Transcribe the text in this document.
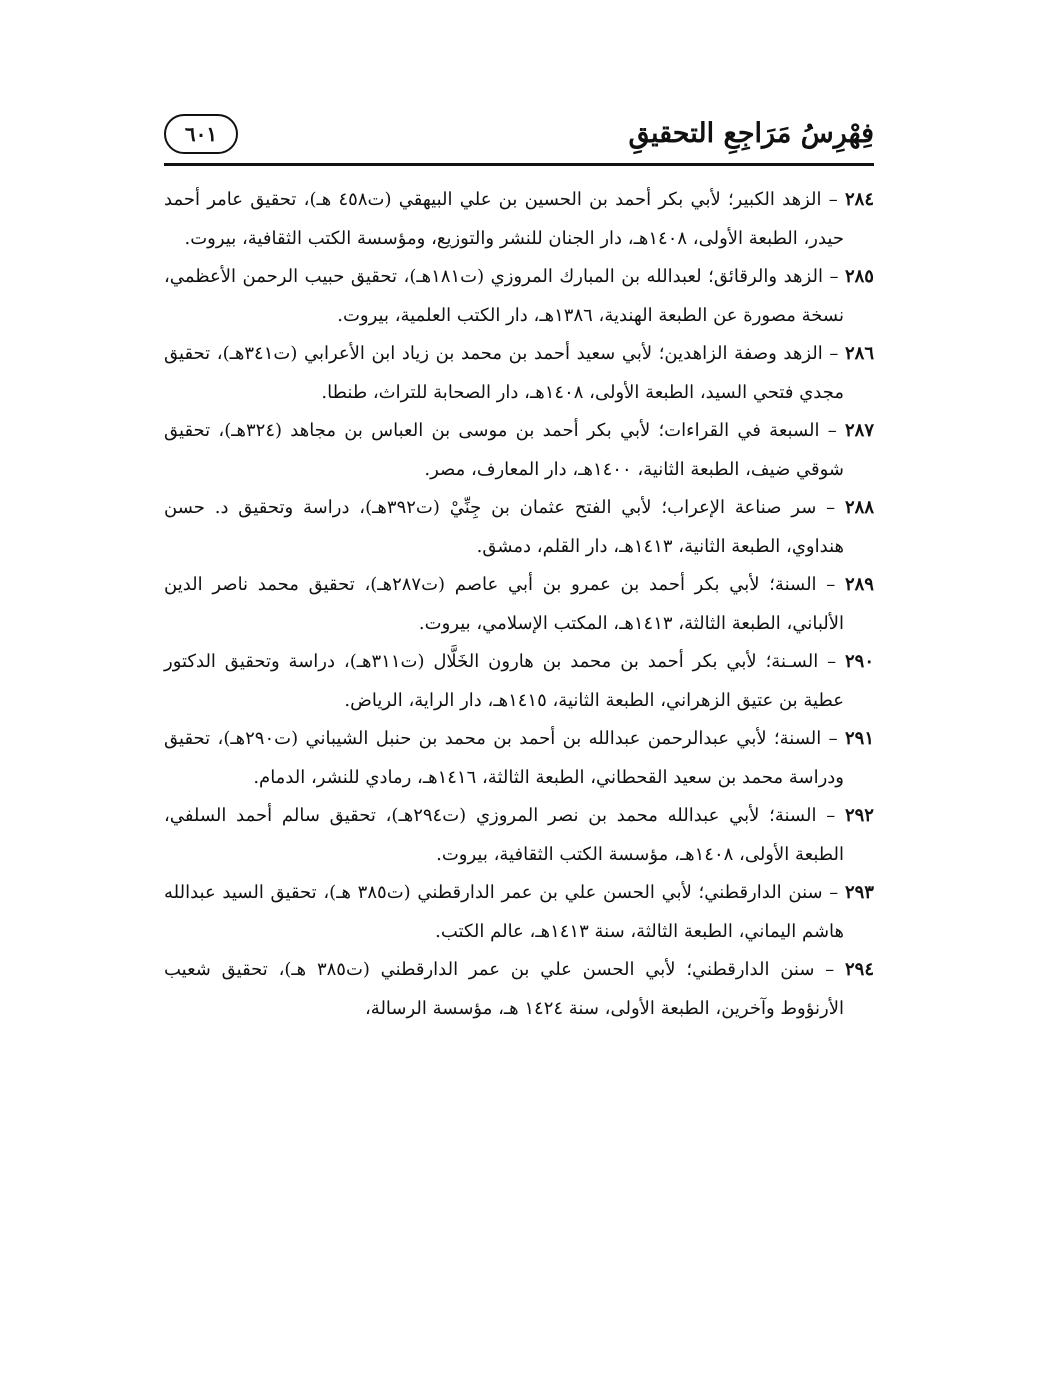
فِهْرِسُ مَرَاجِعِ التحقيقِ
٦٠١
٢٨٤ – الزهد الكبير؛ لأبي بكر أحمد بن الحسين بن علي البيهقي (ت٤٥٨ هـ)، تحقيق عامر أحمد حيدر، الطبعة الأولى، ١٤٠٨هـ، دار الجنان للنشر والتوزيع، ومؤسسة الكتب الثقافية، بيروت.
٢٨٥ – الزهد والرقائق؛ لعبدالله بن المبارك المروزي (ت١٨١هـ)، تحقيق حبيب الرحمن الأعظمي، نسخة مصورة عن الطبعة الهندية، ١٣٨٦هـ، دار الكتب العلمية، بيروت.
٢٨٦ – الزهد وصفة الزاهدين؛ لأبي سعيد أحمد بن محمد بن زياد ابن الأعرابي (ت٣٤١هـ)، تحقيق مجدي فتحي السيد، الطبعة الأولى، ١٤٠٨هـ، دار الصحابة للتراث، طنطا.
٢٨٧ – السبعة في القراءات؛ لأبي بكر أحمد بن موسى بن العباس بن مجاهد (٣٢٤هـ)، تحقيق شوقي ضيف، الطبعة الثانية، ١٤٠٠هـ، دار المعارف، مصر.
٢٨٨ – سر صناعة الإعراب؛ لأبي الفتح عثمان بن جِنِّيْ (ت٣٩٢هـ)، دراسة وتحقيق د. حسن هنداوي، الطبعة الثانية، ١٤١٣هـ، دار القلم، دمشق.
٢٨٩ – السنة؛ لأبي بكر أحمد بن عمرو بن أبي عاصم (ت٢٨٧هـ)، تحقيق محمد ناصر الدين الألباني، الطبعة الثالثة، ١٤١٣هـ، المكتب الإسلامي، بيروت.
٢٩٠ – السـنة؛ لأبي بكر أحمد بن محمد بن هارون الخَلَّال (ت٣١١هـ)، دراسة وتحقيق الدكتور عطية بن عتيق الزهراني، الطبعة الثانية، ١٤١٥هـ، دار الراية، الرياض.
٢٩١ – السنة؛ لأبي عبدالرحمن عبدالله بن أحمد بن محمد بن حنبل الشيباني (ت٢٩٠هـ)، تحقيق ودراسة محمد بن سعيد القحطاني، الطبعة الثالثة، ١٤١٦هـ، رمادي للنشر، الدمام.
٢٩٢ – السنة؛ لأبي عبدالله محمد بن نصر المروزي (ت٢٩٤هـ)، تحقيق سالم أحمد السلفي، الطبعة الأولى، ١٤٠٨هـ، مؤسسة الكتب الثقافية، بيروت.
٢٩٣ – سنن الدارقطني؛ لأبي الحسن علي بن عمر الدارقطني (ت٣٨٥ هـ)، تحقيق السيد عبدالله هاشم اليماني، الطبعة الثالثة، سنة ١٤١٣هـ، عالم الكتب.
٢٩٤ – سنن الدارقطني؛ لأبي الحسن علي بن عمر الدارقطني (ت٣٨٥ هـ)، تحقيق شعيب الأرنؤوط وآخرين، الطبعة الأولى، سنة ١٤٢٤ هـ، مؤسسة الرسالة،
